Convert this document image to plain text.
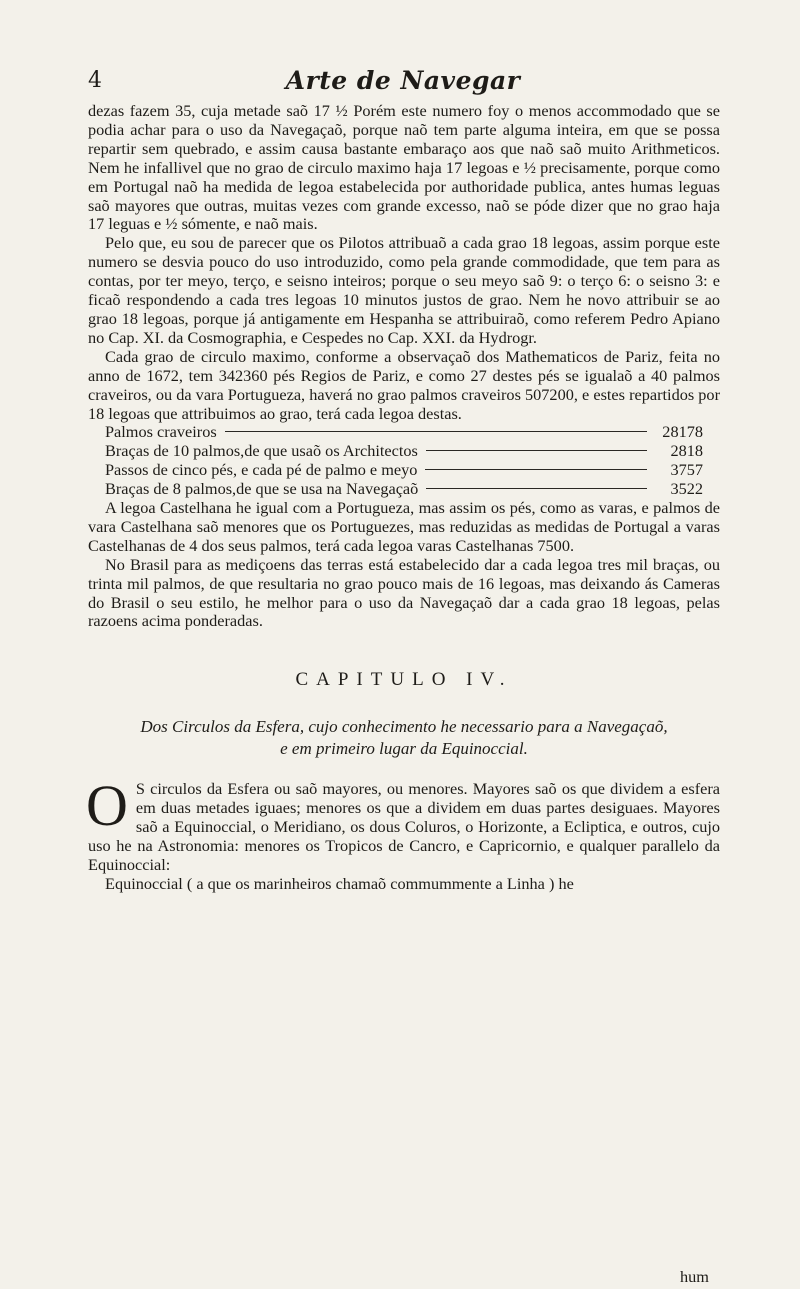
4	Arte de Navegar

dezas fazem 35, cuja metade saõ 17 ½ Porém este numero foy o menos accommodado que se podia achar para o uso da Navegaçaõ, porque naõ tem parte alguma inteira, em que se possa repartir sem quebrado, e assim causa bastante embaraço aos que naõ saõ muito Arithmeticos. Nem he infallivel que no grao de circulo maximo haja 17 legoas e ½ precisamente, porque como em Portugal naõ ha medida de legoa estabelecida por authoridade publica, antes humas leguas saõ mayores que outras, muitas vezes com grande excesso, naõ se póde dizer que no grao haja 17 leguas e ½ sómente, e naõ mais.

Pelo que, eu sou de parecer que os Pilotos attribuaõ a cada grao 18 legoas, assim porque este numero se desvia pouco do uso introduzido, como pela grande commodidade, que tem para as contas, por ter meyo, terço, e seisno inteiros; porque o seu meyo saõ 9: o terço 6: o seisno 3: e ficaõ respondendo a cada tres legoas 10 minutos justos de grao. Nem he novo attribuir se ao grao 18 legoas, porque já antigamente em Hespanha se attribuiraõ, como referem Pedro Apiano no Cap. XI. da Cosmographia, e Cespedes no Cap. XXI. da Hydrogr.

Cada grao de circulo maximo, conforme a observaçaõ dos Mathematicos de Pariz, feita no anno de 1672, tem 342360 pés Regios de Pariz, e como 27 destes pés se igualaõ a 40 palmos craveiros, ou da vara Portugueza, haverá no grao palmos craveiros 507200, e estes repartidos por 18 legoas que attribuimos ao grao, terá cada legoa destas.

Palmos craveiros	28178
Braças de 10 palmos,de que usaõ os Architectos	2818
Passos de cinco pés, e cada pé de palmo e meyo	3757
Braças de 8 palmos,de que se usa na Navegaçaõ	3522

A legoa Castelhana he igual com a Portugueza, mas assim os pés, como as varas, e palmos de vara Castelhana saõ menores que os Portuguezes, mas reduzidas as medidas de Portugal a varas Castelhanas de 4 dos seus palmos, terá cada legoa varas Castelhanas 7500.

No Brasil para as mediçoens das terras está estabelecido dar a cada legoa tres mil braças, ou trinta mil palmos, de que resultaria no grao pouco mais de 16 legoas, mas deixando ás Cameras do Brasil o seu estilo, he melhor para o uso da Navegaçaõ dar a cada grao 18 legoas, pelas razoens acima ponderadas.

CAPITULO IV.
Dos Circulos da Esfera, cujo conhecimento he necessario para a Navegaçaõ,
e em primeiro lugar da Equinoccial.

O S circulos da Esfera ou saõ mayores, ou menores. Mayores saõ os que dividem a esfera em duas metades iguaes; menores os que a dividem em duas partes desiguaes. Mayores saõ a Equinoccial, o Meridiano, os dous Coluros, o Horizonte, a Ecliptica, e outros, cujo uso he na Astronomia: menores os Tropicos de Cancro, e Capricornio, e qualquer parallelo da Equinoccial:

Equinoccial ( a que os marinheiros chamaõ commummente a Linha ) he

hum
